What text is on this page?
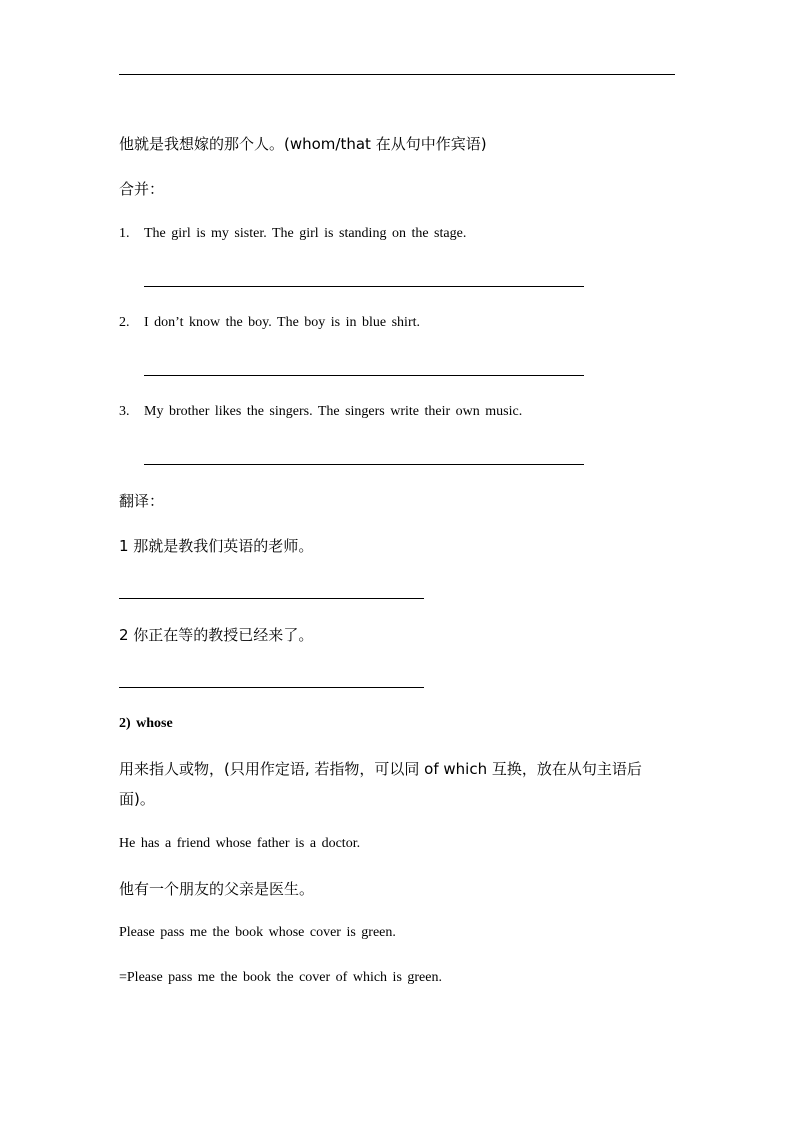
他就是我想嫁的那个人。(whom/that 在从句中作宾语)
合并：
1. The girl is my sister. The girl is standing on the stage.
2. I don’t know the boy. The boy is in blue shirt.
3. My brother likes the singers. The singers write their own music.
翻译：
1 那就是教我们英语的老师。
2 你正在等的教授已经来了。
2) whose
用来指人或物，(只用作定语, 若指物，可以同 of which 互换，放在从句主语后
面)。
He has a friend whose father is a doctor.
他有一个朋友的父亲是医生。
Please pass me the book whose cover is green.
=Please pass me the book the cover of which is green.
